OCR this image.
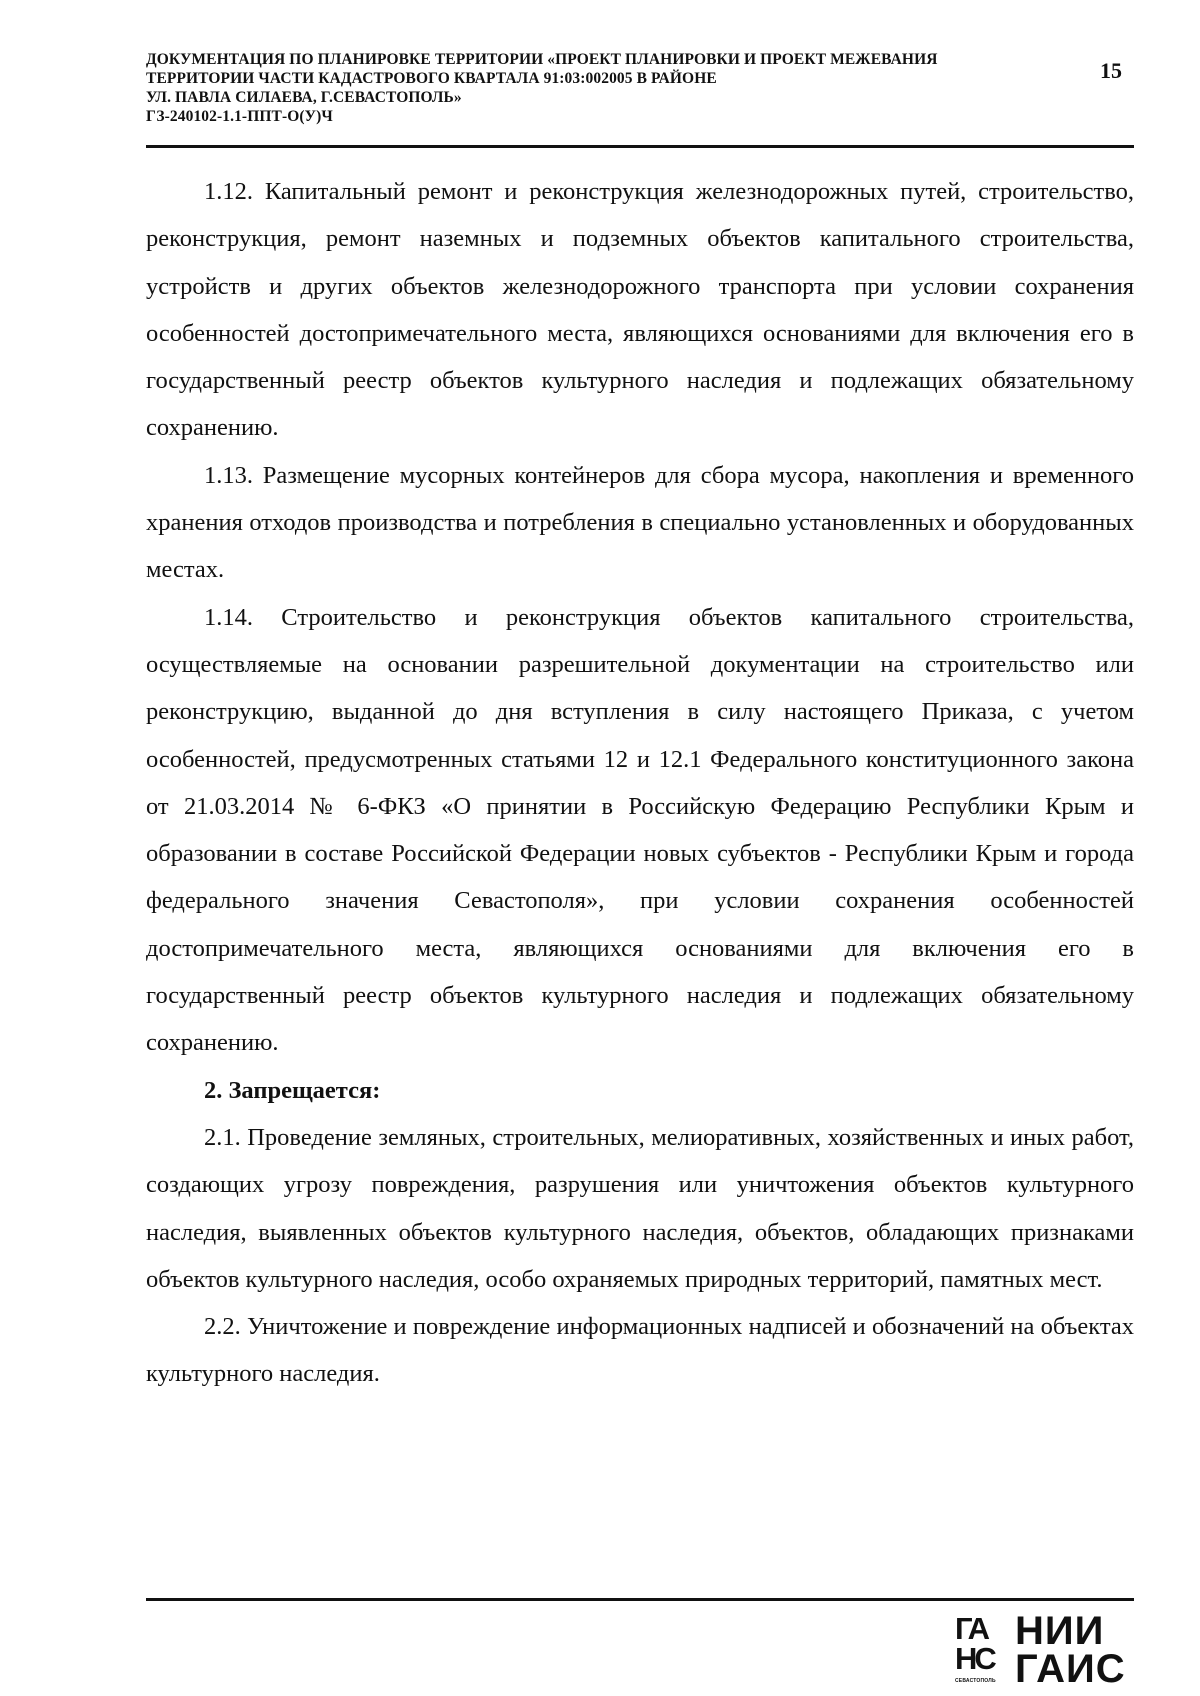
ДОКУМЕНТАЦИЯ ПО ПЛАНИРОВКЕ ТЕРРИТОРИИ «ПРОЕКТ ПЛАНИРОВКИ И ПРОЕКТ МЕЖЕВАНИЯ
ТЕРРИТОРИИ ЧАСТИ КАДАСТРОВОГО КВАРТАЛА 91:03:002005 В РАЙОНЕ
УЛ. ПАВЛА СИЛАЕВА, Г.СЕВАСТОПОЛЬ»
ГЗ-240102-1.1-ППТ-О(У)Ч
15

1.12. Капитальный ремонт и реконструкция железнодорожных путей, строительство, реконструкция, ремонт наземных и подземных объектов капитального строительства, устройств и других объектов железнодорожного транспорта при условии сохранения особенностей достопримечательного места, являющихся основаниями для включения его в государственный реестр объектов культурного наследия и подлежащих обязательному сохранению.

1.13. Размещение мусорных контейнеров для сбора мусора, накопления и временного хранения отходов производства и потребления в специально установленных и оборудованных местах.

1.14. Строительство и реконструкция объектов капитального строительства, осуществляемые на основании разрешительной документации на строительство или реконструкцию, выданной до дня вступления в силу настоящего Приказа, с учетом особенностей, предусмотренных статьями 12 и 12.1 Федерального конституционного закона от 21.03.2014 № 6-ФКЗ «О принятии в Российскую Федерацию Республики Крым и образовании в составе Российской Федерации новых субъектов - Республики Крым и города федерального значения Севастополя», при условии сохранения особенностей достопримечательного места, являющихся основаниями для включения его в государственный реестр объектов культурного наследия и подлежащих обязательному сохранению.

2. Запрещается:

2.1. Проведение земляных, строительных, мелиоративных, хозяйственных и иных работ, создающих угрозу повреждения, разрушения или уничтожения объектов культурного наследия, выявленных объектов культурного наследия, объектов, обладающих признаками объектов культурного наследия, особо охраняемых природных территорий, памятных мест.

2.2. Уничтожение и повреждение информационных надписей и обозначений на объектах культурного наследия.

ГА
НС
СЕВАСТОПОЛЬ
НИИ
ГАИС
